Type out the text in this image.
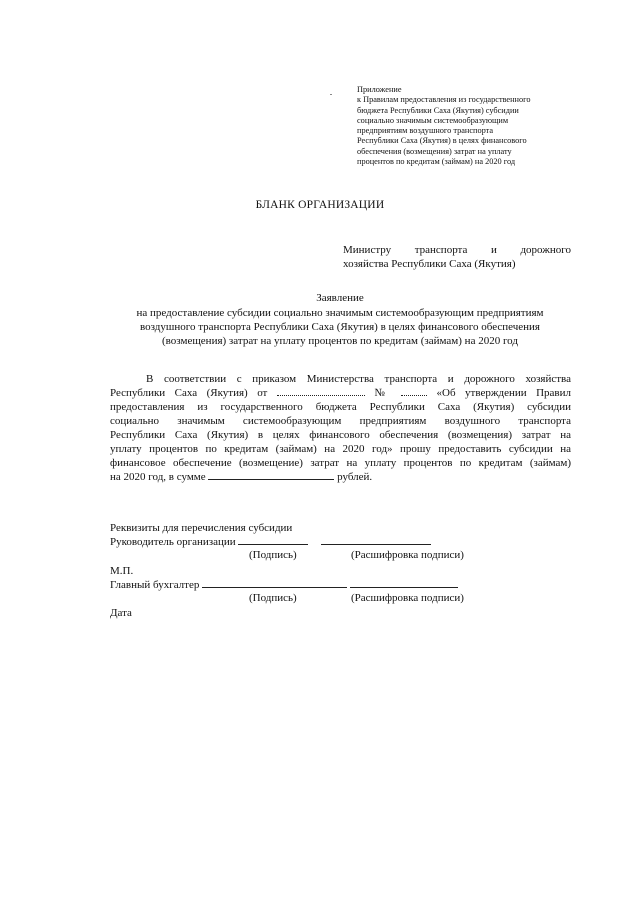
Приложение
к Правилам предоставления из государственного
бюджета Республики Саха (Якутия) субсидии
социально значимым системообразующим
предприятиям воздушного транспорта
Республики Саха (Якутия) в целях финансового
обеспечения (возмещения) затрат на уплату
процентов по кредитам (займам) на 2020 год
БЛАНК ОРГАНИЗАЦИИ
Министру транспорта и дорожного
хозяйства Республики Саха (Якутия)
Заявление
на предоставление субсидии социально значимым системообразующим предприятиям
воздушного транспорта Республики Саха (Якутия) в целях финансового обеспечения
(возмещения) затрат на уплату процентов по кредитам (займам) на 2020 год
В соответствии с приказом Министерства транспорта и дорожного хозяйства
Республики Саха (Якутия) от	№	«Об утверждении Правил
предоставления из государственного бюджета Республики Саха (Якутия) субсидии
социально значимым системообразующим предприятиям воздушного транспорта
Республики Саха (Якутия) в целях финансового обеспечения (возмещения) затрат на
уплату процентов по кредитам (займам) на 2020 год» прошу предоставить субсидии на
финансовое обеспечение (возмещение) затрат на уплату процентов по кредитам (займам)
на 2020 год, в сумме	рублей.
Реквизиты для перечисления субсидии
Руководитель организации
(Подпись)	(Расшифровка подписи)
М.П.
Главный бухгалтер
(Подпись)	(Расшифровка подписи)
Дата
